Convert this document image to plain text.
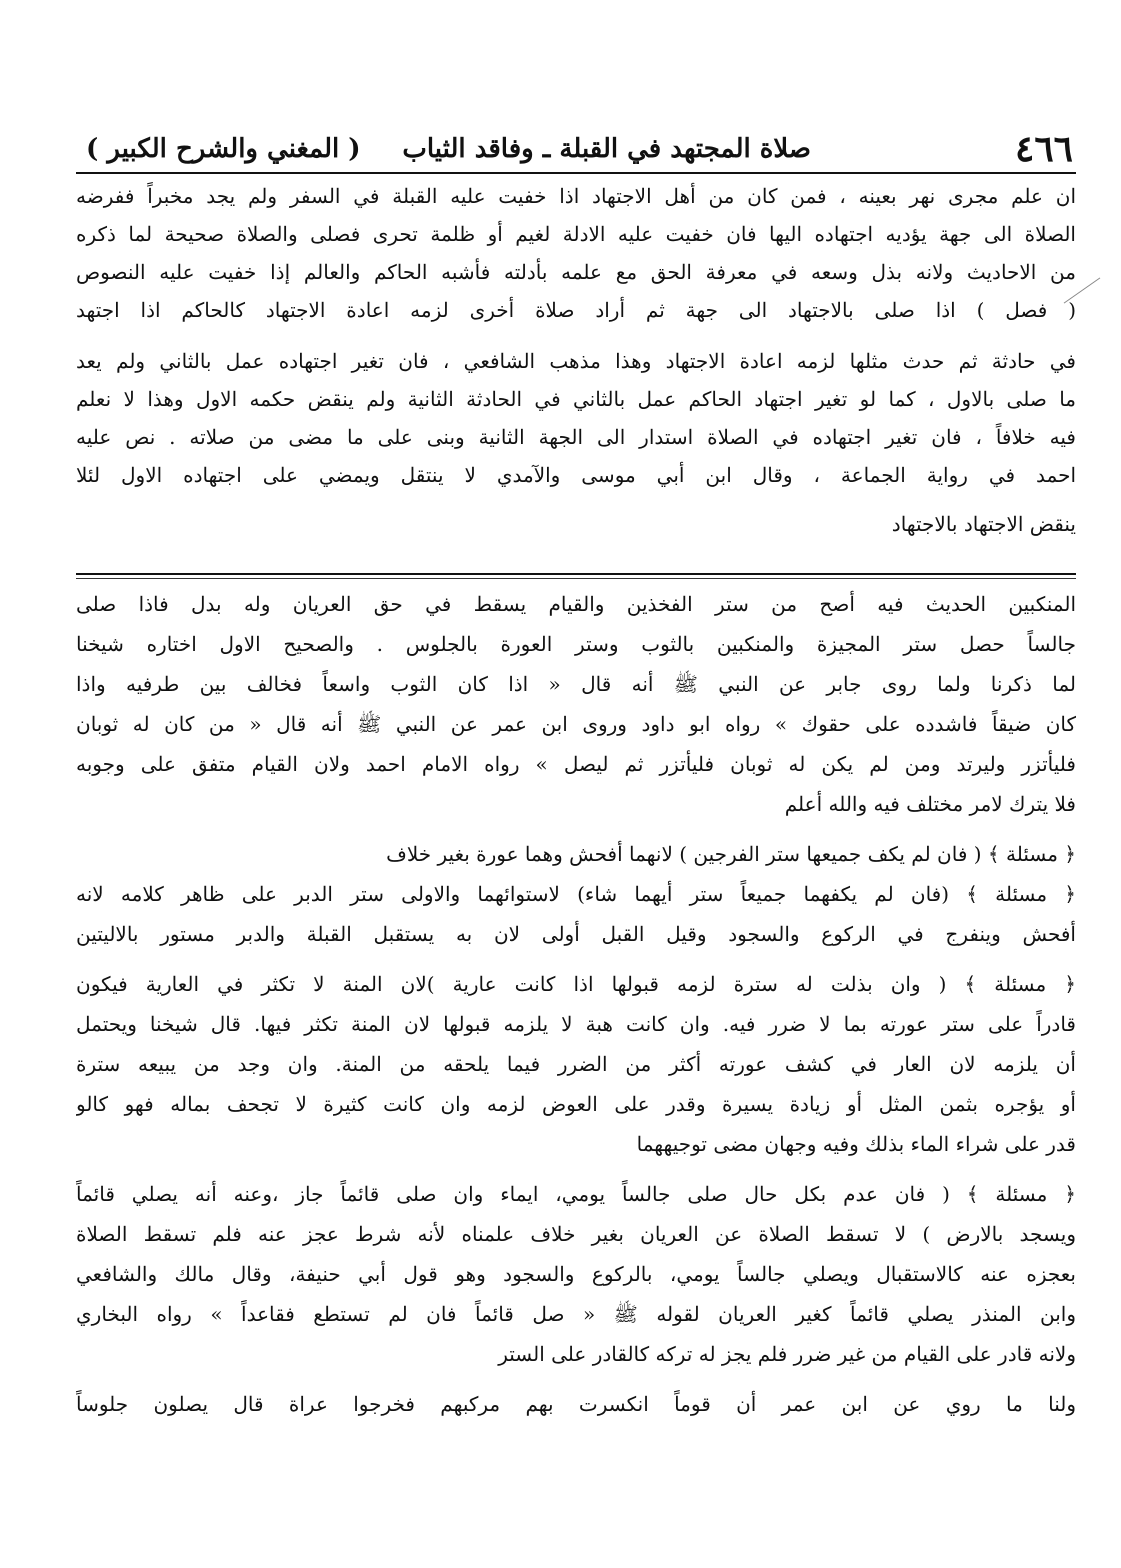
٤٦٦
صلاة المجتهد في القبلة ـ وفاقد الثياب
( المغني والشرح الكبير )
ان علم مجرى نهر بعينه ، فمن كان من أهل الاجتهاد اذا خفيت عليه القبلة في السفر ولم يجد مخبراً ففرضه
الصلاة الى جهة يؤديه اجتهاده اليها فان خفيت عليه الادلة لغيم أو ظلمة تحرى فصلى والصلاة صحيحة لما ذكره
من الاحاديث ولانه بذل وسعه في معرفة الحق مع علمه بأدلته فأشبه الحاكم والعالم إذا خفيت عليه النصوص
( فصل ) اذا صلى بالاجتهاد الى جهة ثم أراد صلاة أخرى لزمه اعادة الاجتهاد كالحاكم اذا اجتهد
في حادثة ثم حدث مثلها لزمه اعادة الاجتهاد وهذا مذهب الشافعي ، فان تغير اجتهاده عمل بالثاني ولم يعد
ما صلى بالاول ، كما لو تغير اجتهاد الحاكم عمل بالثاني في الحادثة الثانية ولم ينقض حكمه الاول وهذا لا نعلم
فيه خلافاً ، فان تغير اجتهاده في الصلاة استدار الى الجهة الثانية وبنى على ما مضى من صلاته . نص عليه
احمد في رواية الجماعة ، وقال ابن أبي موسى والآمدي لا ينتقل ويمضي على اجتهاده الاول لئلا
ينقض الاجتهاد بالاجتهاد
المنكبين الحديث فيه أصح من ستر الفخذين والقيام يسقط في حق العريان وله بدل فاذا صلى
جالساً حصل ستر المجيزة والمنكبين بالثوب وستر العورة بالجلوس . والصحيح الاول اختاره شيخنا
لما ذكرنا ولما روى جابر عن النبي ﷺ أنه قال « اذا كان الثوب واسعاً فخالف بين طرفيه واذا
كان ضيقاً فاشدده على حقوك » رواه ابو داود وروى ابن عمر عن النبي ﷺ أنه قال « من كان له ثوبان
فليأتزر وليرتد ومن لم يكن له ثوبان فليأتزر ثم ليصل » رواه الامام احمد ولان القيام متفق على وجوبه
فلا يترك لامر مختلف فيه والله أعلم
﴿ مسئلة ﴾ ( فان لم يكف جميعها ستر الفرجين ) لانهما أفحش وهما عورة بغير خلاف
﴿ مسئلة ﴾ (فان لم يكفهما جميعاً ستر أيهما شاء) لاستوائهما والاولى ستر الدبر على ظاهر كلامه لانه
أفحش وينفرج في الركوع والسجود وقيل القبل أولى لان به يستقبل القبلة والدبر مستور بالاليتين
﴿ مسئلة ﴾ ( وان بذلت له سترة لزمه قبولها اذا كانت عارية )لان المنة لا تكثر في العارية فيكون
قادراً على ستر عورته بما لا ضرر فيه. وان كانت هبة لا يلزمه قبولها لان المنة تكثر فيها. قال شيخنا ويحتمل
أن يلزمه لان العار في كشف عورته أكثر من الضرر فيما يلحقه من المنة. وان وجد من يبيعه سترة
أو يؤجره بثمن المثل أو زيادة يسيرة وقدر على العوض لزمه وان كانت كثيرة لا تجحف بماله فهو كالو
قدر على شراء الماء بذلك وفيه وجهان مضى توجيههما
﴿ مسئلة ﴾ ( فان عدم بكل حال صلى جالساً يومي، ايماء وان صلى قائماً جاز ،وعنه أنه يصلي قائماً
ويسجد بالارض ) لا تسقط الصلاة عن العريان بغير خلاف علمناه لأنه شرط عجز عنه فلم تسقط الصلاة
بعجزه عنه كالاستقبال ويصلي جالساً يومي، بالركوع والسجود وهو قول أبي حنيفة، وقال مالك والشافعي
وابن المنذر يصلي قائماً كغير العريان لقوله ﷺ « صل قائماً فان لم تستطع فقاعداً » رواه البخاري
ولانه قادر على القيام من غير ضرر فلم يجز له تركه كالقادر على الستر
ولنا ما روي عن ابن عمر أن قوماً انكسرت بهم مركبهم فخرجوا عراة قال يصلون جلوساً
